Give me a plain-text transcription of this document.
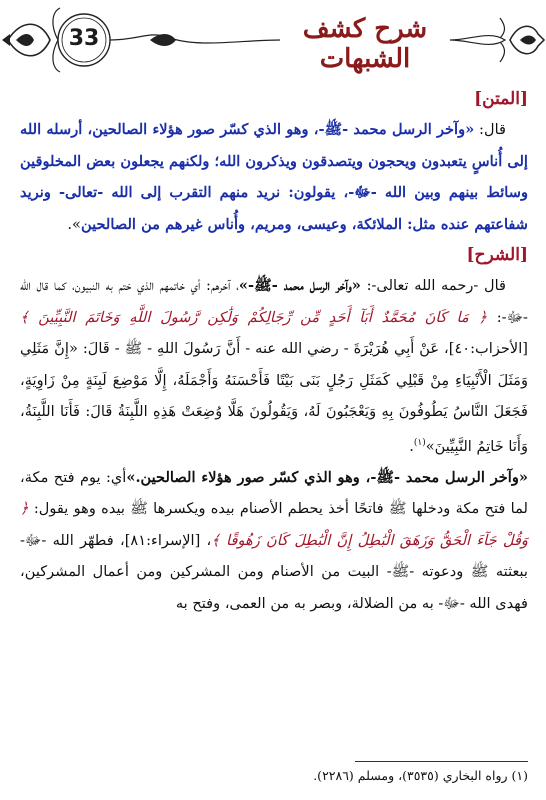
33	شرح كشف الشبهات
[المتن]

قال: «وآخر الرسل محمد -ﷺ-، وهو الذي كسّر صور هؤلاء الصالحين، أرسله الله إلى أُناسٍ يتعبدون ويحجون ويتصدقون ويذكرون الله؛ ولكنهم يجعلون بعض المخلوقين وسائط بينهم وبين الله -ﷻ-، يقولون: نريد منهم التقرب إلى الله -تعالى- ونريد شفاعتهم عنده مثل: الملائكة، وعيسى، ومريم، وأُناس غيرهم من الصالحين».

[الشرح]

قال -رحمه الله تعالى-: «وآخر الرسل محمد -ﷺ-»، آخرهم: أي خاتمهم الذي ختم به النبيون، كما قال الله -ﷻ-: ﴿ مَا كَانَ مُحَمَّدٌ أَبَآ أَحَدٍ مِّن رِّجَالِكُمْ وَلَٰكِن رَّسُولَ اللَّهِ وَخَاتَمَ النَّبِيِّينَ ﴾ [الأحزاب:٤٠]، عَنْ أَبِي هُرَيْرَةَ - رضي الله عنه - أَنَّ رَسُولَ اللهِ - ﷺ - قَالَ: «إِنَّ مَثَلِي وَمَثَلَ الْأَنْبِيَاءِ مِنْ قَبْلِي كَمَثَلِ رَجُلٍ بَنَى بَيْتًا فَأَحْسَنَهُ وَأَجْمَلَهُ، إِلَّا مَوْضِعَ لَبِنَةٍ مِنْ زَاوِيَةٍ، فَجَعَلَ النَّاسُ يَطُوفُونَ بِهِ وَيَعْجَبُونَ لَهُ، وَيَقُولُونَ هَلَّا وُضِعَتْ هَذِهِ اللَّبِنَةُ قَالَ: فَأَنَا اللَّبِنَةُ، وَأَنَا خَاتِمُ النَّبِيِّينَ»$^{(١)}$.

«وآخر الرسل محمد -ﷺ-، وهو الذي كسّر صور هؤلاء الصالحين.»أي: يوم فتح مكة، لما فتح مكة ودخلها ﷺ فاتحًا أخذ يحطم الأصنام بيده ويكسرها ﷺ بيده وهو يقول: ﴿ وَقُلْ جَآءَ الْحَقُّ وَزَهَقَ الْبَٰطِلُ إِنَّ الْبَٰطِلَ كَانَ زَهُوقًا ﴾، [الإسراء:٨١]، فطهّر الله -ﷻ- ببعثته ﷺ ودعوته -ﷺ- البيت من الأصنام ومن المشركين ومن أعمال المشركين، فهدى الله -ﷻ- به من الضلالة، وبصر به من العمى، وفتح به

(١) رواه البخاري (٣٥٣٥)، ومسلم (٢٢٨٦).
